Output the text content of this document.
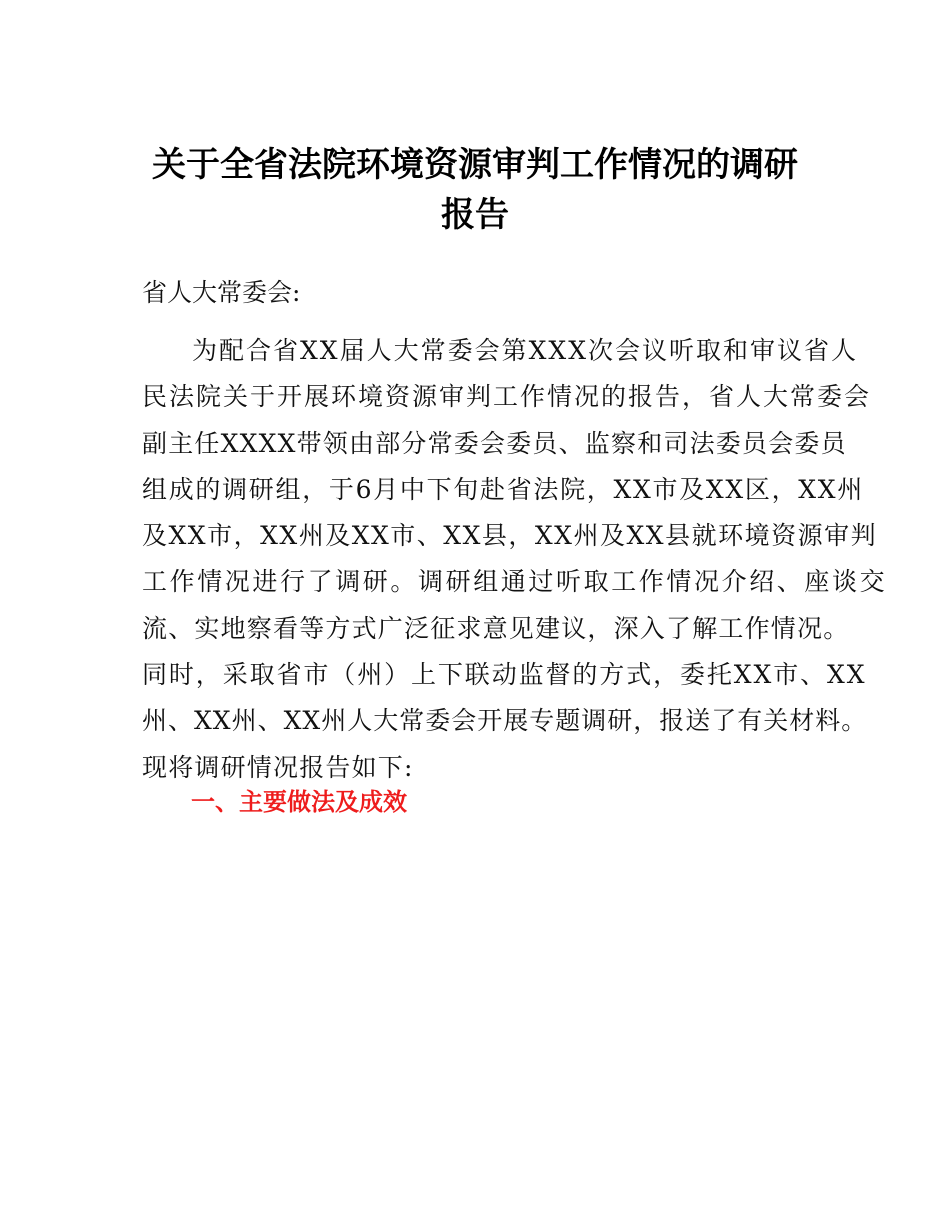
关于全省法院环境资源审判工作情况的调研
报告

省人大常委会:

为配合省XX届人大常委会第XXX次会议听取和审议省人
民法院关于开展环境资源审判工作情况的报告，省人大常委会
副主任XXXX带领由部分常委会委员、监察和司法委员会委员
组成的调研组，于6月中下旬赴省法院，XX市及XX区，XX州
及XX市，XX州及XX市、XX县，XX州及XX县就环境资源审判
工作情况进行了调研。调研组通过听取工作情况介绍、座谈交
流、实地察看等方式广泛征求意见建议，深入了解工作情况。
同时，采取省市（州）上下联动监督的方式，委托XX市、XX
州、XX州、XX州人大常委会开展专题调研，报送了有关材料。
现将调研情况报告如下:

一、主要做法及成效
